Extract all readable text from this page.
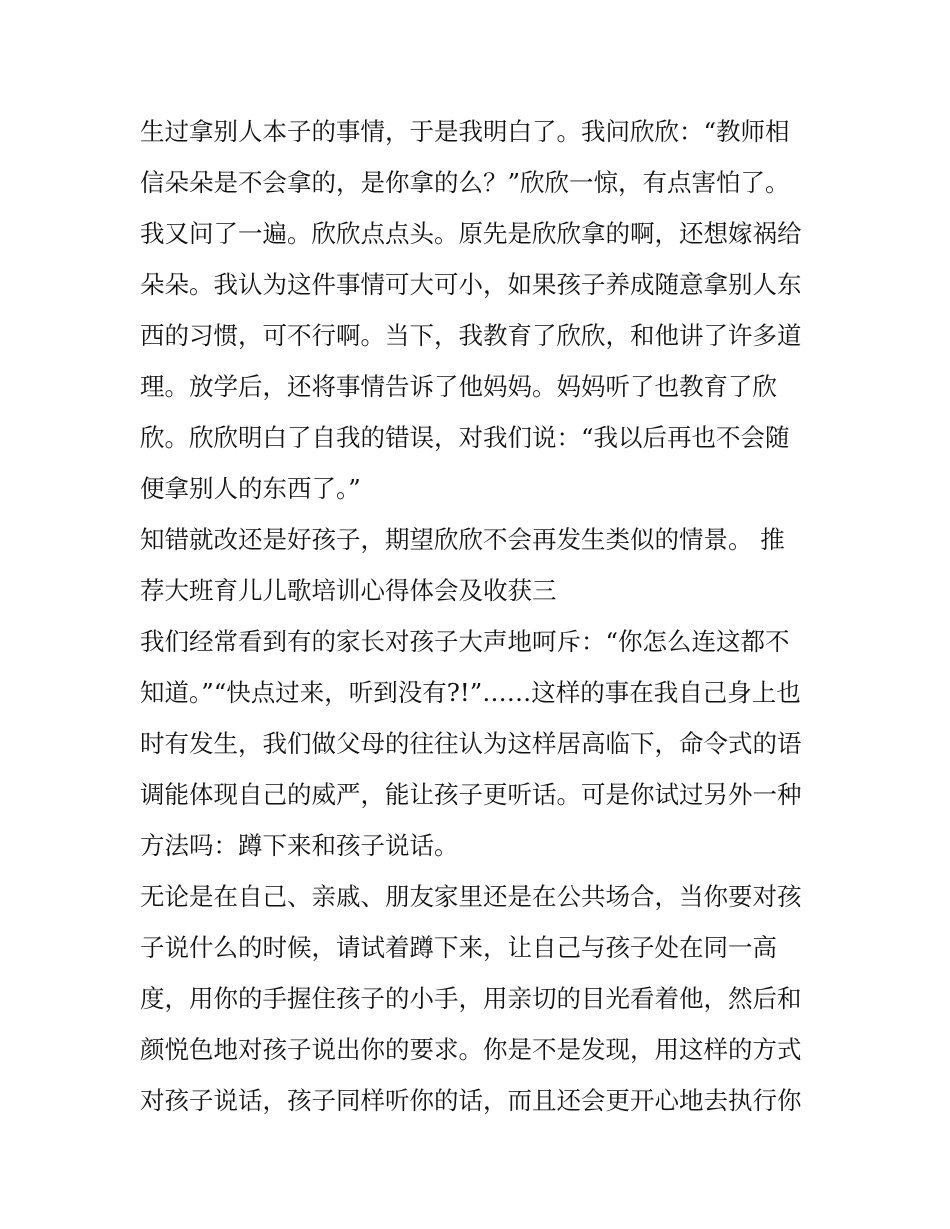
生过拿别人本子的事情，于是我明白了。我问欣欣：“教师相
信朵朵是不会拿的，是你拿的么？”欣欣一惊，有点害怕了。
我又问了一遍。欣欣点点头。原先是欣欣拿的啊，还想嫁祸给
朵朵。我认为这件事情可大可小，如果孩子养成随意拿别人东
西的习惯，可不行啊。当下，我教育了欣欣，和他讲了许多道
理。放学后，还将事情告诉了他妈妈。妈妈听了也教育了欣
欣。欣欣明白了自我的错误，对我们说：“我以后再也不会随
便拿别人的东西了。”
知错就改还是好孩子，期望欣欣不会再发生类似的情景。 推
荐大班育儿儿歌培训心得体会及收获三
我们经常看到有的家长对孩子大声地呵斥：“你怎么连这都不
知道。”“快点过来，听到没有?!”……这样的事在我自己身上也
时有发生，我们做父母的往往认为这样居高临下，命令式的语
调能体现自己的威严，能让孩子更听话。可是你试过另外一种
方法吗：蹲下来和孩子说话。
无论是在自己、亲戚、朋友家里还是在公共场合，当你要对孩
子说什么的时候，请试着蹲下来，让自己与孩子处在同一高
度，用你的手握住孩子的小手，用亲切的目光看着他，然后和
颜悦色地对孩子说出你的要求。你是不是发现，用这样的方式
对孩子说话，孩子同样听你的话，而且还会更开心地去执行你
